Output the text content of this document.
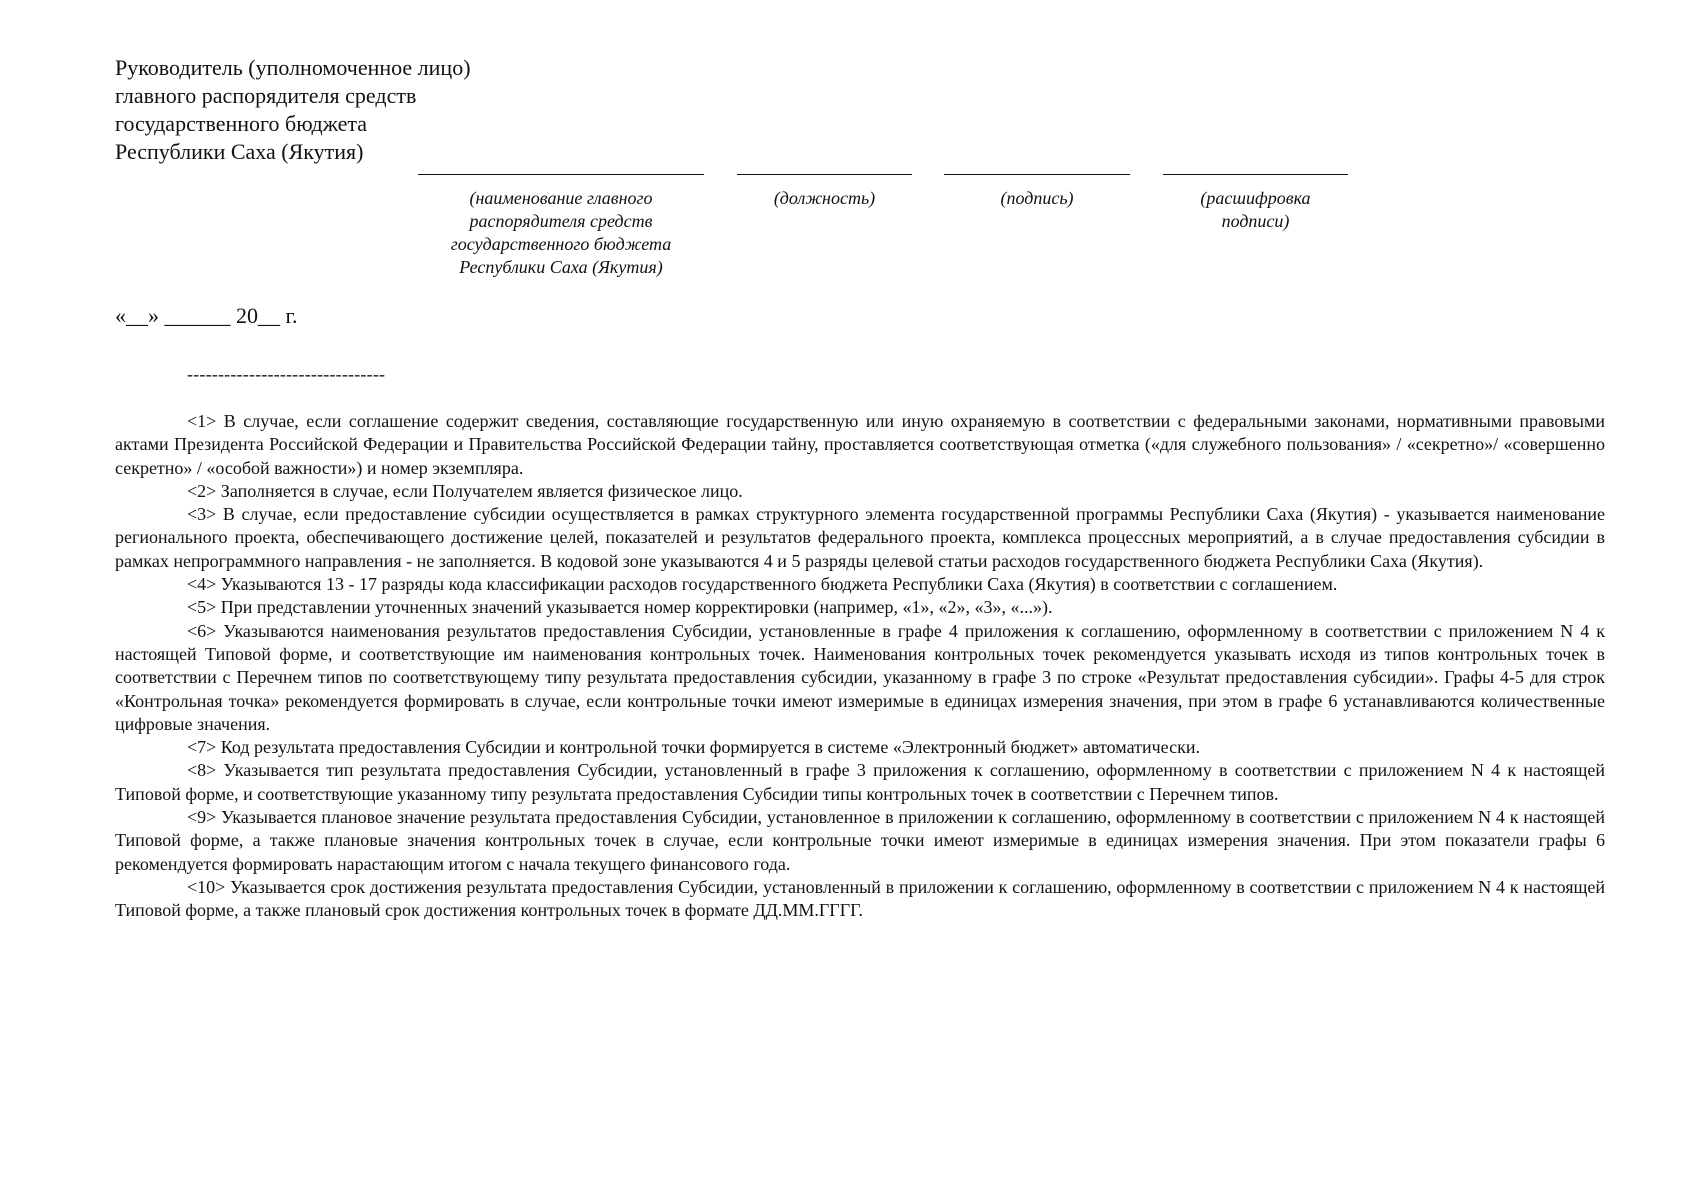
Руководитель (уполномоченное лицо)
главного распорядителя средств
государственного бюджета
Республики Саха (Якутия)
(наименование главного
распорядителя средств
государственного бюджета
Республики Саха (Якутия)
(должность)	(подпись)	(расшифровка
подписи)
«__» ______ 20__ г.
--------------------------------

<1> В случае, если соглашение содержит сведения, составляющие государственную или иную охраняемую в соответствии с федеральными законами, нормативными правовыми актами Президента Российской Федерации и Правительства Российской Федерации тайну, проставляется соответствующая отметка («для служебного пользования» / «секретно»/ «совершенно секретно» / «особой важности») и номер экземпляра.

<2> Заполняется в случае, если Получателем является физическое лицо.

<3> В случае, если предоставление субсидии осуществляется в рамках структурного элемента государственной программы Республики Саха (Якутия) - указывается наименование регионального проекта, обеспечивающего достижение целей, показателей и результатов федерального проекта, комплекса процессных мероприятий, а в случае предоставления субсидии в рамках непрограммного направления - не заполняется. В кодовой зоне указываются 4 и 5 разряды целевой статьи расходов государственного бюджета Республики Саха (Якутия).

<4> Указываются 13 - 17 разряды кода классификации расходов государственного бюджета Республики Саха (Якутия) в соответствии с соглашением.

<5> При представлении уточненных значений указывается номер корректировки (например, «1», «2», «3», «...»).

<6> Указываются наименования результатов предоставления Субсидии, установленные в графе 4 приложения к соглашению, оформленному в соответствии с приложением N 4 к настоящей Типовой форме, и соответствующие им наименования контрольных точек. Наименования контрольных точек рекомендуется указывать исходя из типов контрольных точек в соответствии с Перечнем типов по соответствующему типу результата предоставления субсидии, указанному в графе 3 по строке «Результат предоставления субсидии». Графы 4-5 для строк «Контрольная точка» рекомендуется формировать в случае, если контрольные точки имеют измеримые в единицах измерения значения, при этом в графе 6 устанавливаются количественные цифровые значения.

<7> Код результата предоставления Субсидии и контрольной точки формируется в системе «Электронный бюджет» автоматически.

<8> Указывается тип результата предоставления Субсидии, установленный в графе 3 приложения к соглашению, оформленному в соответствии с приложением N 4 к настоящей Типовой форме, и соответствующие указанному типу результата предоставления Субсидии типы контрольных точек в соответствии с Перечнем типов.

<9> Указывается плановое значение результата предоставления Субсидии, установленное в приложении к соглашению, оформленному в соответствии с приложением N 4 к настоящей Типовой форме, а также плановые значения контрольных точек в случае, если контрольные точки имеют измеримые в единицах измерения значения. При этом показатели графы 6 рекомендуется формировать нарастающим итогом с начала текущего финансового года.

<10> Указывается срок достижения результата предоставления Субсидии, установленный в приложении к соглашению, оформленному в соответствии с приложением N 4 к настоящей Типовой форме, а также плановый срок достижения контрольных точек в формате ДД.ММ.ГГГГ.
